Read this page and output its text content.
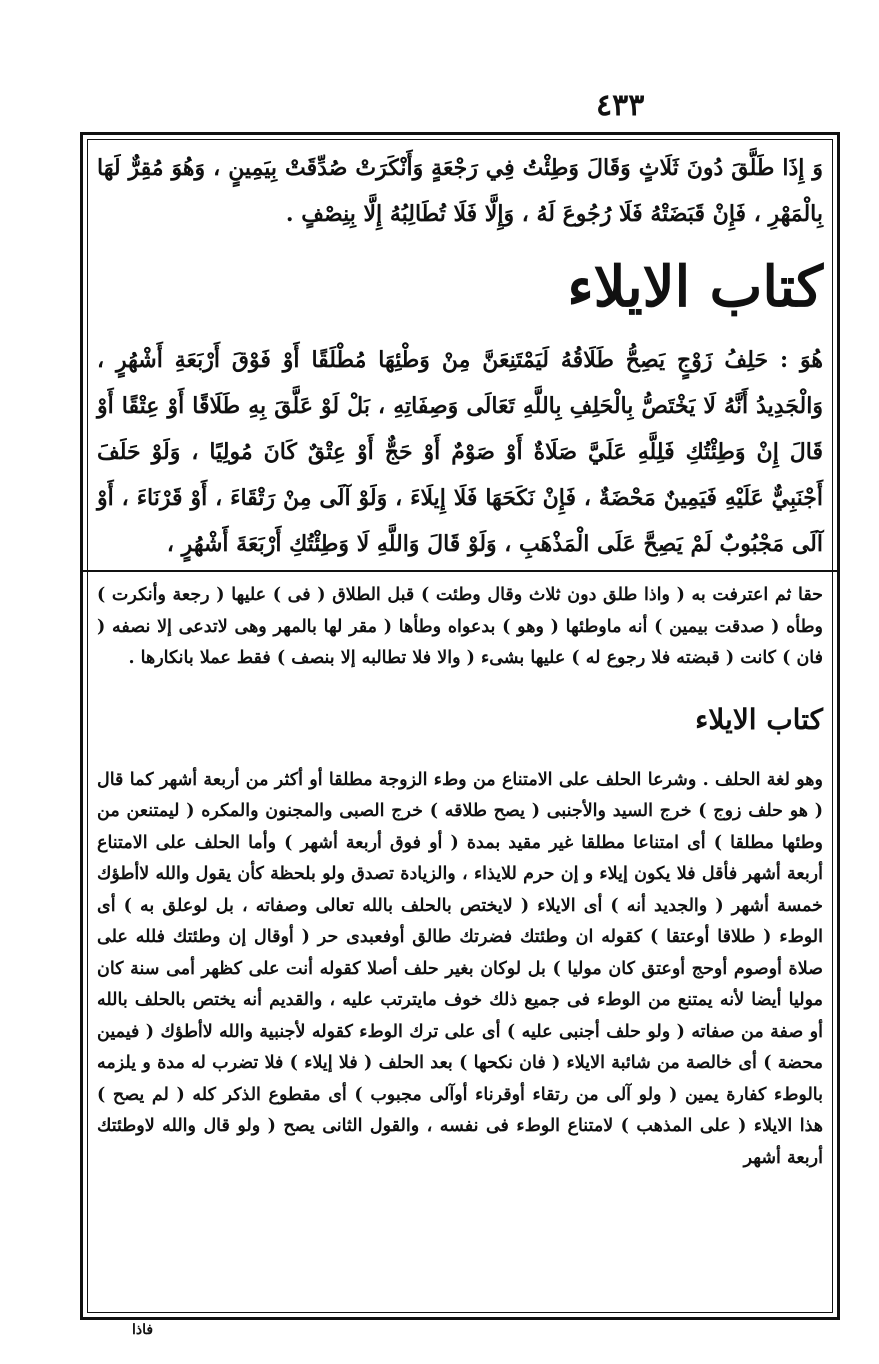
٤٣٣

وَ إِذَا طَلَّقَ دُونَ ثَلَاثٍ وَقَالَ وَطِئْتُ فِي رَجْعَةٍ وَأَنْكَرَتْ صُدِّقَتْ بِيَمِينٍ ، وَهُوَ مُقِرٌّ لَهَا بِالْمَهْرِ ، فَإِنْ قَبَضَتْهُ فَلَا رُجُوعَ لَهُ ، وَإِلَّا فَلَا تُطَالِبُهُ إِلَّا بِنِصْفٍ .

كتاب الايلاء

هُوَ : حَلِفُ زَوْجٍ يَصِحُّ طَلَاقُهُ لَيَمْتَنِعَنَّ مِنْ وَطْئِهَا مُطْلَقًا أَوْ فَوْقَ أَرْبَعَةِ أَشْهُرٍ ، وَالْجَدِيدُ أَنَّهُ لَا يَخْتَصُّ بِالْحَلِفِ بِاللَّهِ تَعَالَى وَصِفَاتِهِ ، بَلْ لَوْ عَلَّقَ بِهِ طَلَاقًا أَوْ عِتْقًا أَوْ قَالَ إِنْ وَطِئْتُكِ فَلِلَّهِ عَلَيَّ صَلَاةٌ أَوْ صَوْمٌ أَوْ حَجٌّ أَوْ عِتْقٌ كَانَ مُولِيًا ، وَلَوْ حَلَفَ أَجْنَبِيٌّ عَلَيْهِ فَيَمِينٌ مَحْضَةٌ ، فَإِنْ نَكَحَهَا فَلَا إِيلَاءَ ، وَلَوْ آلَى مِنْ رَتْقَاءَ ، أَوْ قَرْنَاءَ ، أَوْ آلَى مَجْبُوبٌ لَمْ يَصِحَّ عَلَى الْمَذْهَبِ ، وَلَوْ قَالَ وَاللَّهِ لَا وَطِئْتُكِ أَرْبَعَةَ أَشْهُرٍ ،

حقا ثم اعترفت به ( واذا طلق دون ثلاث وقال وطئت ) قبل الطلاق ( فى ) عليها ( رجعة وأنكرت ) وطأه ( صدقت بيمين ) أنه ماوطئها ( وهو ) بدعواه وطأها ( مقر لها بالمهر وهى لاتدعى إلا نصفه ( فان ) كانت ( قبضته فلا رجوع له ) عليها بشىء ( والا فلا تطالبه إلا بنصف ) فقط عملا بانكارها .

كتاب الايلاء

وهو لغة الحلف . وشرعا الحلف على الامتناع من وطء الزوجة مطلقا أو أكثر من أربعة أشهر كما قال ( هو حلف زوج ) خرج السيد والأجنبى ( يصح طلاقه ) خرج الصبى والمجنون والمكره ( ليمتنعن من وطئها مطلقا ) أى امتناعا مطلقا غير مقيد بمدة ( أو فوق أربعة أشهر ) وأما الحلف على الامتناع أربعة أشهر فأقل فلا يكون إيلاء و إن حرم للايذاء ، والزيادة تصدق ولو بلحظة كأن يقول والله لاأطؤك خمسة أشهر ( والجديد أنه ) أى الايلاء ( لايختص بالحلف بالله تعالى وصفاته ، بل لوعلق به ) أى الوطء ( طلاقا أوعتقا ) كقوله ان وطئتك فضرتك طالق أوفعبدى حر ( أوقال إن وطئتك فلله على صلاة أوصوم أوحج أوعتق كان موليا ) بل لوكان بغير حلف أصلا كقوله أنت على كظهر أمى سنة كان موليا أيضا لأنه يمتنع من الوطء فى جميع ذلك خوف مايترتب عليه ، والقديم أنه يختص بالحلف بالله أو صفة من صفاته ( ولو حلف أجنبى عليه ) أى على ترك الوطء كقوله لأجنبية والله لاأطؤك ( فيمين محضة ) أى خالصة من شائبة الايلاء ( فان نكحها ) بعد الحلف ( فلا إيلاء ) فلا تضرب له مدة و يلزمه بالوطء كفارة يمين ( ولو آلى من رتقاء أوقرناء أوآلى مجبوب ) أى مقطوع الذكر كله ( لم يصح ) هذا الايلاء ( على المذهب ) لامتناع الوطء فى نفسه ، والقول الثانى يصح ( ولو قال والله لاوطئتك أربعة أشهر

فاذا
